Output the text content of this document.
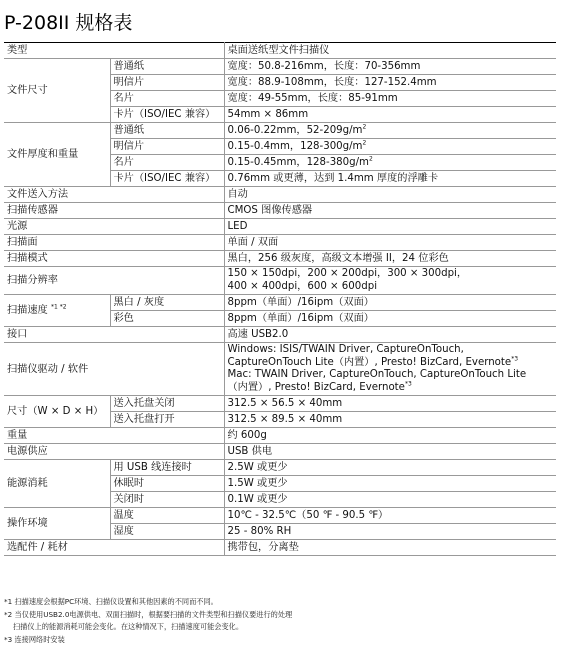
P-208II 规格表
类型		桌面送纸型文件扫描仪
文件尺寸	普通纸	宽度：50.8-216mm，长度：70-356mm
	明信片	宽度：88.9-108mm，长度：127-152.4mm
	名片	宽度：49-55mm，长度：85-91mm
	卡片（ISO/IEC 兼容）	54mm × 86mm
文件厚度和重量	普通纸	0.06-0.22mm，$52-209g/m^2$
	明信片	0.15-0.4mm，$128-300g/m^2$
	名片	0.15-0.45mm，$128-380g/m^2$
	卡片（ISO/IEC 兼容）	0.76mm 或更薄，达到 1.4mm 厚度的浮雕卡
文件送入方法		自动
扫描传感器		CMOS 图像传感器
光源		LED
扫描面		单面 / 双面
扫描模式		黑白，256 级灰度，高级文本增强 II，24 位彩色
扫描分辨率		150 × 150dpi，200 × 200dpi，300 × 300dpi，
400 × 400dpi，600 × 600dpi

扫描速度 $^{*1 *2}$	黑白 / 灰度	8ppm（单面）/16ipm（双面）
	彩色	8ppm（单面）/16ipm（双面）
接口		高速 USB2.0
扫描仪驱动 / 软件		Windows: ISIS/TWAIN Driver, CaptureOnTouch,
CaptureOnTouch Lite（内置）, Presto! BizCard, Evernote$^{*3}$
Mac: TWAIN Driver, CaptureOnTouch, CaptureOnTouch Lite
（内置）, Presto! BizCard, Evernote$^{*3}$

尺寸（W × D × H）	送入托盘关闭	312.5 × 56.5 × 40mm
	送入托盘打开	312.5 × 89.5 × 40mm
重量		约 600g
电源供应		USB 供电
能源消耗	用 USB 线连接时	2.5W 或更少
	休眠时	1.5W 或更少
	关闭时	0.1W 或更少
操作环境	温度	10℃ - 32.5℃（50 ℉ - 90.5 ℉）
	湿度	25 - 80% RH
选配件 / 耗材		携带包，分离垫
*1 扫描速度会根据PC环境、扫描仪设置和其他因素的不同而不同。
*2 当仅使用USB2.0电源供电、双面扫描时，根据要扫描的文件类型和扫描仪要进行的处理
扫描仪上的能源消耗可能会变化。在这种情况下，扫描速度可能会变化。
*3 连接网络时安装
